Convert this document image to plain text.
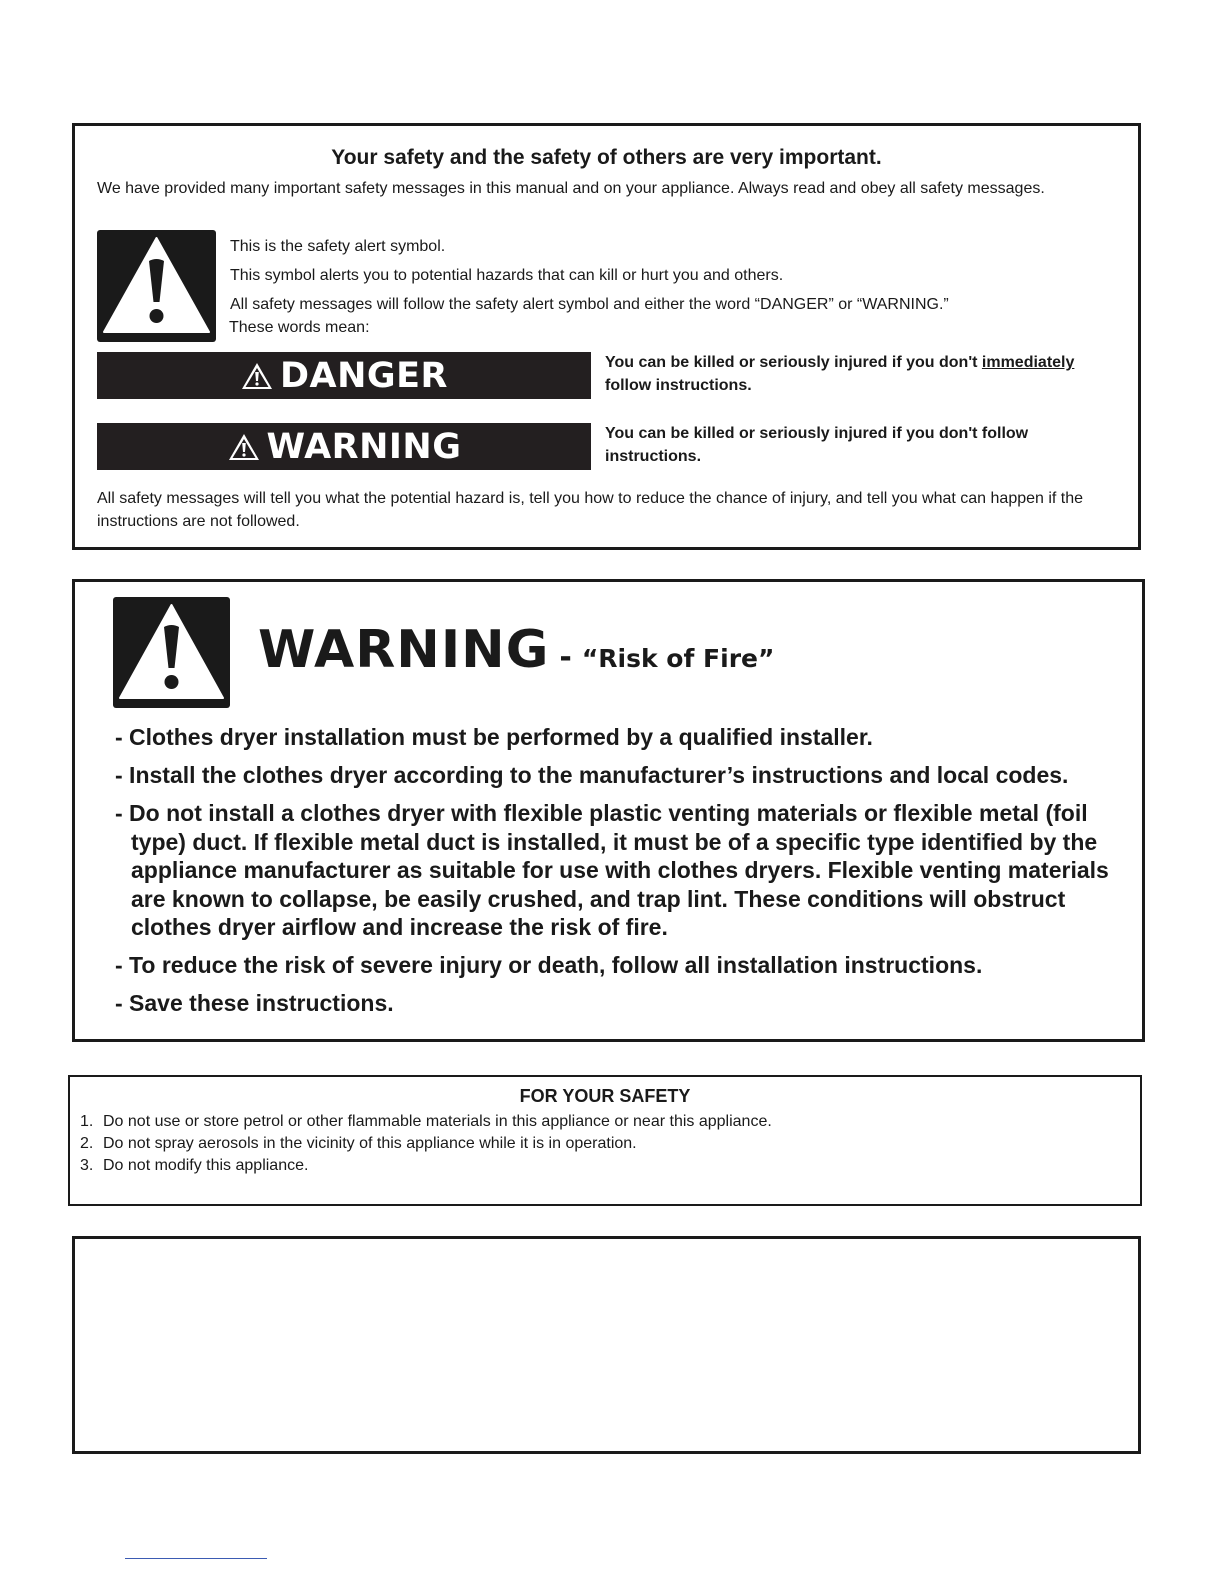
Your safety and the safety of others are very important.
We have provided many important safety messages in this manual and on your appliance. Always read and obey all safety messages.
This is the safety alert symbol.
This symbol alerts you to potential hazards that can kill or hurt you and others.
All safety messages will follow the safety alert symbol and either the word “DANGER” or “WARNING.”
These words mean:
DANGER	You can be killed or seriously injured if you don't immediately
follow instructions.
WARNING	You can be killed or seriously injured if you don't follow instructions.
All safety messages will tell you what the potential hazard is, tell you how to reduce the chance of injury, and tell you what can happen if the instructions are not followed.
WARNING - “Risk of Fire”
- Clothes dryer installation must be performed by a qualified installer.
- Install the clothes dryer according to the manufacturer’s instructions and local codes.
- Do not install a clothes dryer with flexible plastic venting materials or flexible metal (foil type) duct. If flexible metal duct is installed, it must be of a specific type identified by the appliance manufacturer as suitable for use with clothes dryers. Flexible venting materials are known to collapse, be easily crushed, and trap lint. These conditions will obstruct clothes dryer airflow and increase the risk of fire.
- To reduce the risk of severe injury or death, follow all installation instructions.
- Save these instructions.
FOR YOUR SAFETY
1. Do not use or store petrol or other flammable materials in this appliance or near this appliance.
2. Do not spray aerosols in the vicinity of this appliance while it is in operation.
3. Do not modify this appliance.
